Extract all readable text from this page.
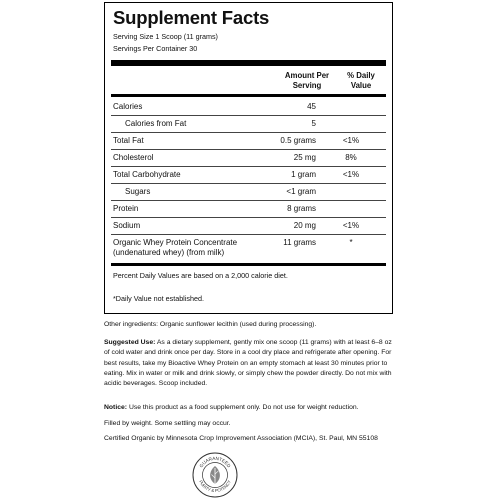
Supplement Facts
Serving Size 1 Scoop (11 grams)
Servings Per Container 30
Amount Per
Serving
% Daily
Value
Calories	45
Calories from Fat	5
Total Fat	0.5 grams	<1%
Cholesterol	25 mg	8%
Total Carbohydrate	1 gram	<1%
Sugars	<1 gram
Protein	8 grams
Sodium	20 mg	<1%
Organic Whey Protein Concentrate
(undenatured whey) (from milk)
11 grams	*
Percent Daily Values are based on a 2,000 calorie diet.
*Daily Value not established.
Other ingredients: Organic sunflower lecithin (used during processing).
Suggested Use: As a dietary supplement, gently mix one scoop (11 grams) with at least 6–8 oz of cold water and drink once per day. Store in a cool dry place and refrigerate after opening. For best results, take my Bioactive Whey Protein on an empty stomach at least 30 minutes prior to eating. Mix in water or milk and drink slowly, or simply chew the powder directly. Do not mix with acidic beverages. Scoop included.
Notice: Use this product as a food supplement only. Do not use for weight reduction.
Filled by weight. Some settling may occur.
Certified Organic by Minnesota Crop Improvement Association (MCIA), St. Paul, MN 55108
GUARANTEED
PURITY & POTENCY
